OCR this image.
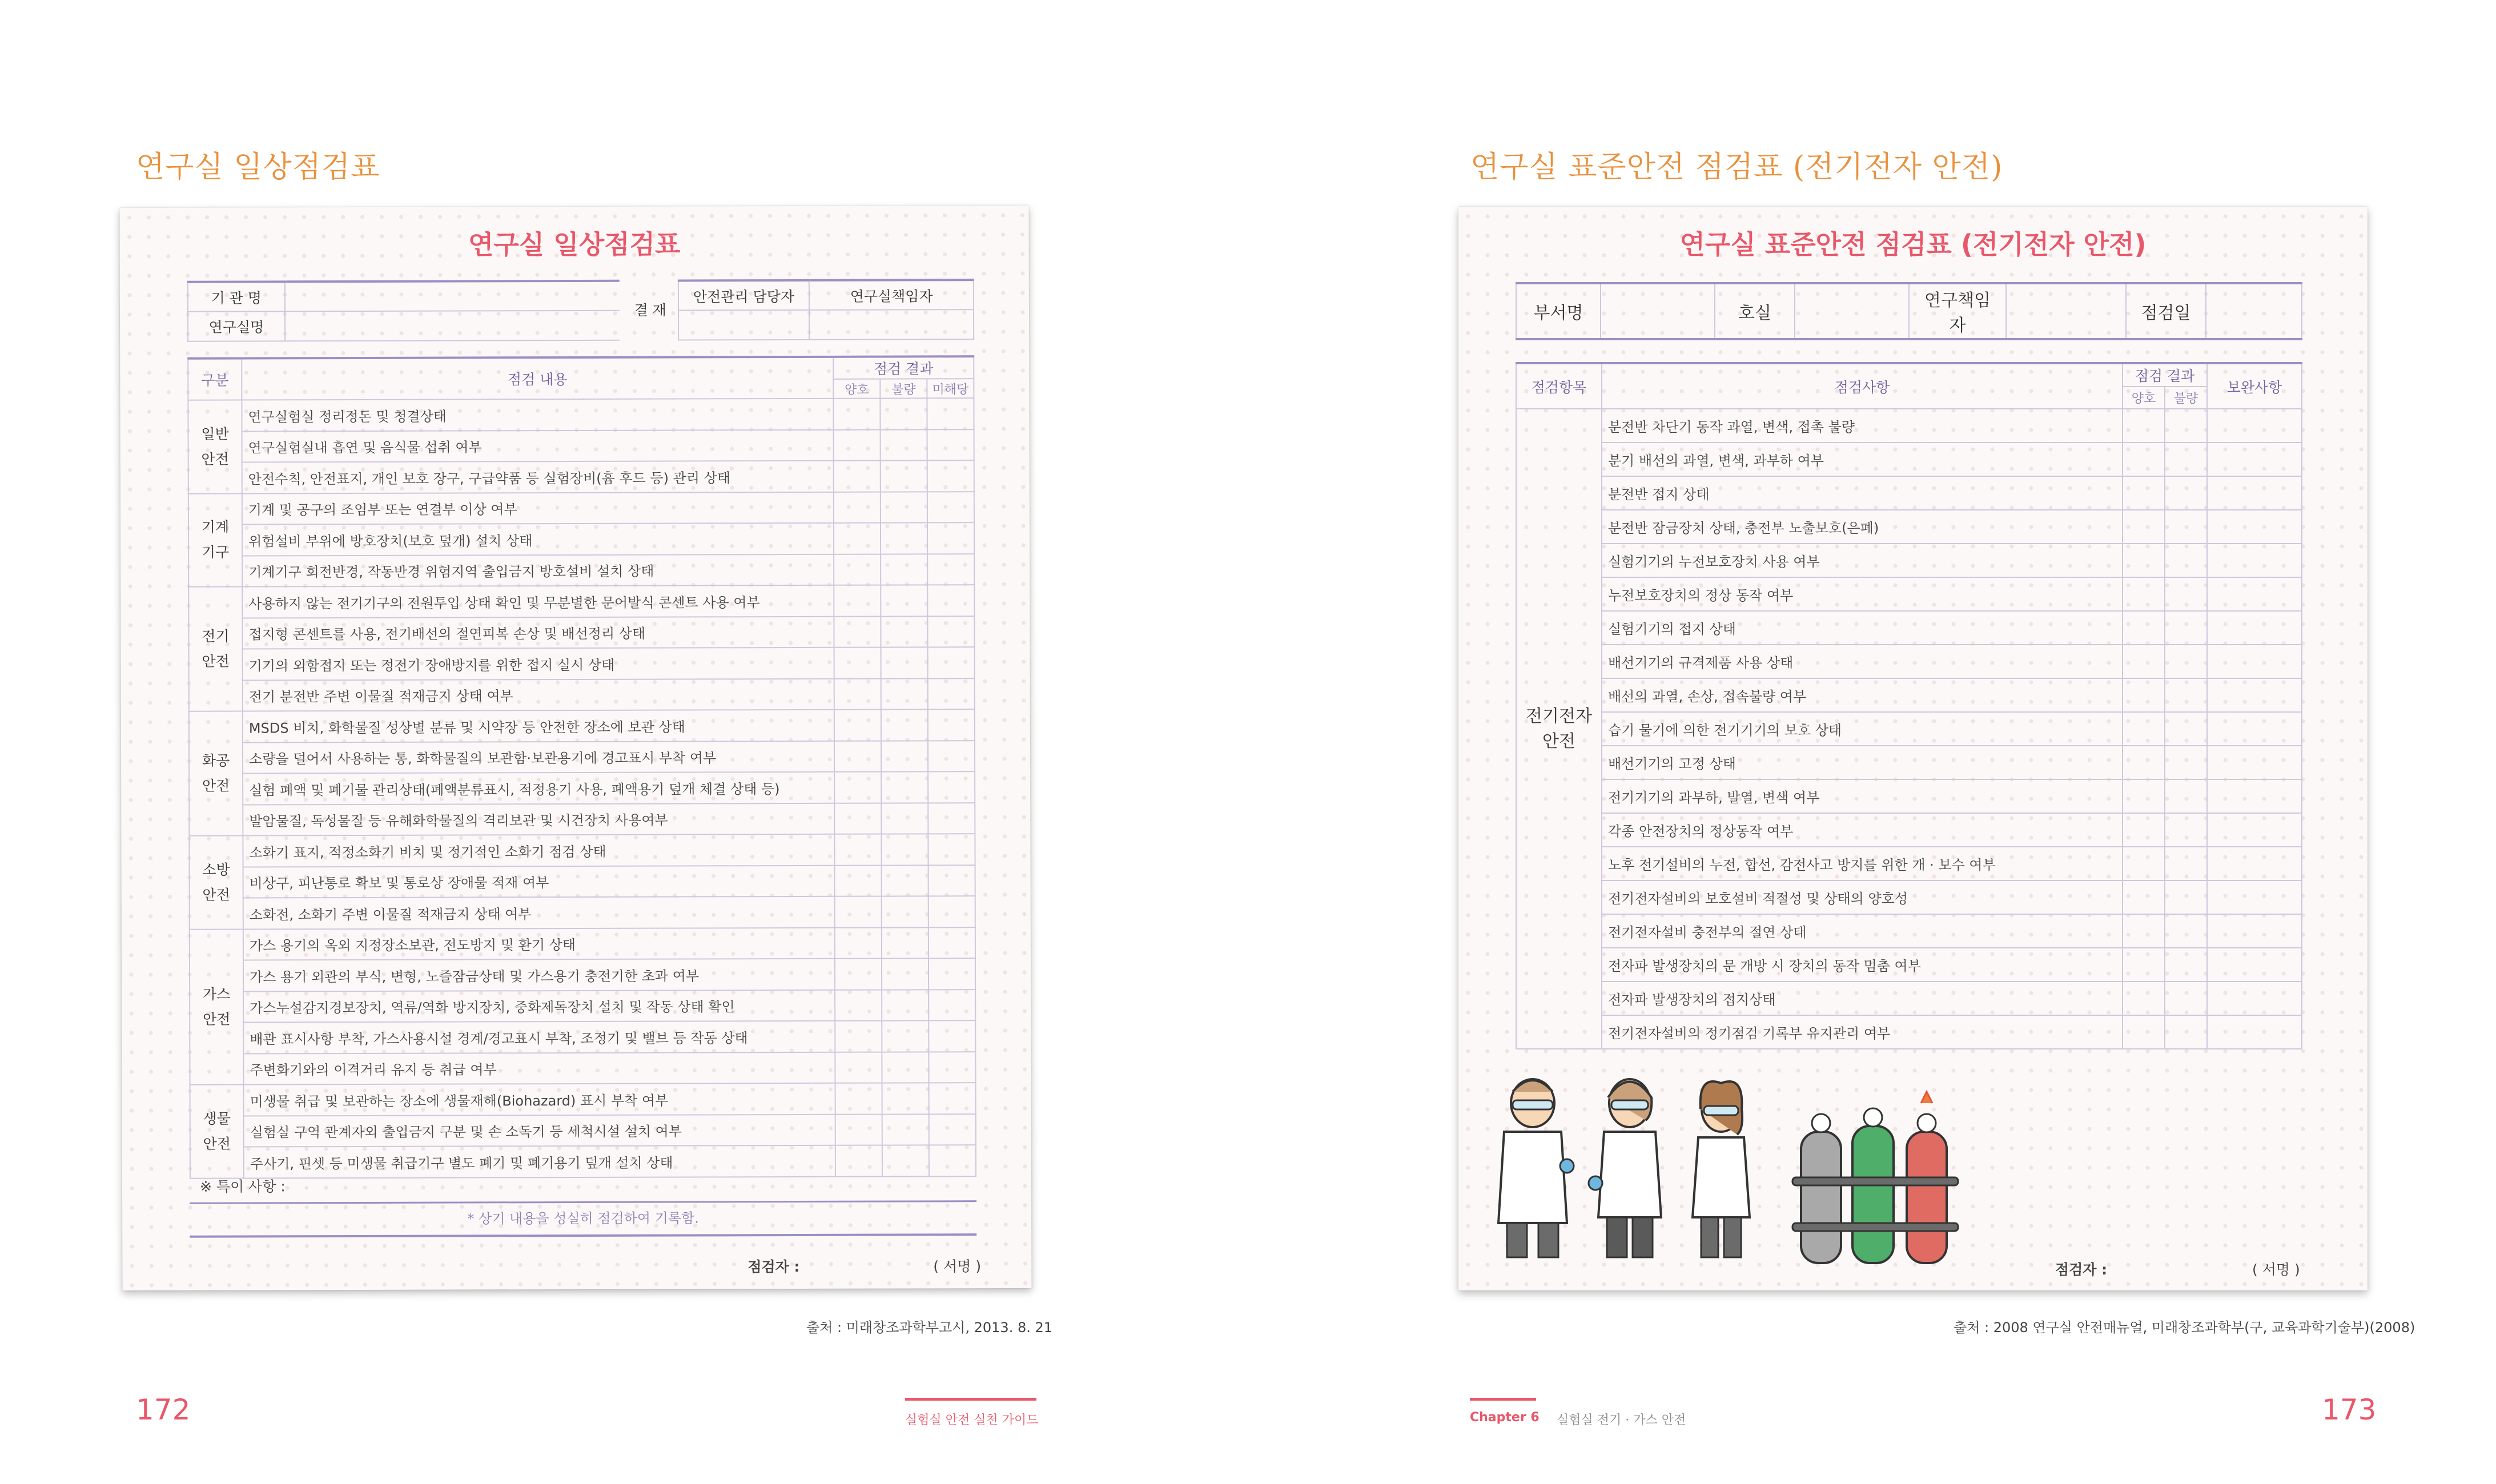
연구실 일상점검표
연구실 일상점검표
기 관 명		결 재	안전관리 담당자	연구실책임자
연구실명				
구분	점검 내용	점검 결과		
		양호	불량	미해당

일반
안전	연구실험실 정리정돈 및 청결상태			
	연구실험실내 흡연 및 음식물 섭취 여부			
	안전수칙, 안전표지, 개인 보호 장구, 구급약품 등 실험장비(흄 후드 등) 관리 상태			

기계
기구	기계 및 공구의 조임부 또는 연결부 이상 여부			
	위험설비 부위에 방호장치(보호 덮개) 설치 상태			
	기계기구 회전반경, 작동반경 위험지역 출입금지 방호설비 설치 상태			

전기
안전	사용하지 않는 전기기구의 전원투입 상태 확인 및 무분별한 문어발식 콘센트 사용 여부			
	접지형 콘센트를 사용, 전기배선의 절연피복 손상 및 배선정리 상태			
	기기의 외함접지 또는 정전기 장애방지를 위한 접지 실시 상태			
	전기 분전반 주변 이물질 적재금지 상태 여부			

화공
안전	MSDS 비치, 화학물질 성상별 분류 및 시약장 등 안전한 장소에 보관 상태			
	소량을 덜어서 사용하는 통, 화학물질의 보관함·보관용기에 경고표시 부착 여부			
	실험 폐액 및 폐기물 관리상태(폐액분류표시, 적정용기 사용, 폐액용기 덮개 체결 상태 등)			
	발암물질, 독성물질 등 유해화학물질의 격리보관 및 시건장치 사용여부			

소방
안전	소화기 표지, 적정소화기 비치 및 정기적인 소화기 점검 상태			
	비상구, 피난통로 확보 및 통로상 장애물 적재 여부			
	소화전, 소화기 주변 이물질 적재금지 상태 여부			

가스
안전	가스 용기의 옥외 지정장소보관, 전도방지 및 환기 상태			
	가스 용기 외관의 부식, 변형, 노즐잠금상태 및 가스용기 충전기한 초과 여부			
	가스누설감지경보장치, 역류/역화 방지장치, 중화제독장치 설치 및 작동 상태 확인			
	배관 표시사항 부착, 가스사용시설 경계/경고표시 부착, 조정기 및 밸브 등 작동 상태			
	주변화기와의 이격거리 유지 등 취급 여부			

생물
안전	미생물 취급 및 보관하는 장소에 생물재해(Biohazard) 표시 부착 여부			
	실험실 구역 관계자외 출입금지 구분 및 손 소독기 등 세척시설 설치 여부			
	주사기, 핀셋 등 미생물 취급기구 별도 폐기 및 폐기용기 덮개 설치 상태			
※ 특이 사항 :
* 상기 내용을 성실히 점검하여 기록함.
점검자 :	( 서명 )
출처 : 미래창조과학부고시, 2013. 8. 21
172	실험실 안전 실천 가이드
연구실 표준안전 점검표 (전기전자 안전)
연구실 표준안전 점검표 (전기전자 안전)
부서명		호실		연구책임자		점검일	
점검항목	점검사항	점검 결과		보완사항
		양호	불량	

전기전자
안전	분전반 차단기 동작 과열, 변색, 접촉 불량			
	분기 배선의 과열, 변색, 과부하 여부			
	분전반 접지 상태			
	분전반 잠금장치 상태, 충전부 노출보호(은폐)			
	실험기기의 누전보호장치 사용 여부			
	누전보호장치의 정상 동작 여부			
	실험기기의 접지 상태			
	배선기기의 규격제품 사용 상태			
	배선의 과열, 손상, 접속불량 여부			
	습기 물기에 의한 전기기기의 보호 상태			
	배선기기의 고정 상태			
	전기기기의 과부하, 발열, 변색 여부			
	각종 안전장치의 정상동작 여부			
	노후 전기설비의 누전, 합선, 감전사고 방지를 위한 개 · 보수 여부			
	전기전자설비의 보호설비 적절성 및 상태의 양호성			
	전기전자설비 충전부의 절연 상태			
	전자파 발생장치의 문 개방 시 장치의 동작 멈춤 여부			
	전자파 발생장치의 접지상태			
	전기전자설비의 정기점검 기록부 유지관리 여부			
점검자 :	( 서명 )
출처 : 2008 연구실 안전매뉴얼, 미래창조과학부(구, 교육과학기술부)(2008)
Chapter 6 실험실 전기 · 가스 안전	173
